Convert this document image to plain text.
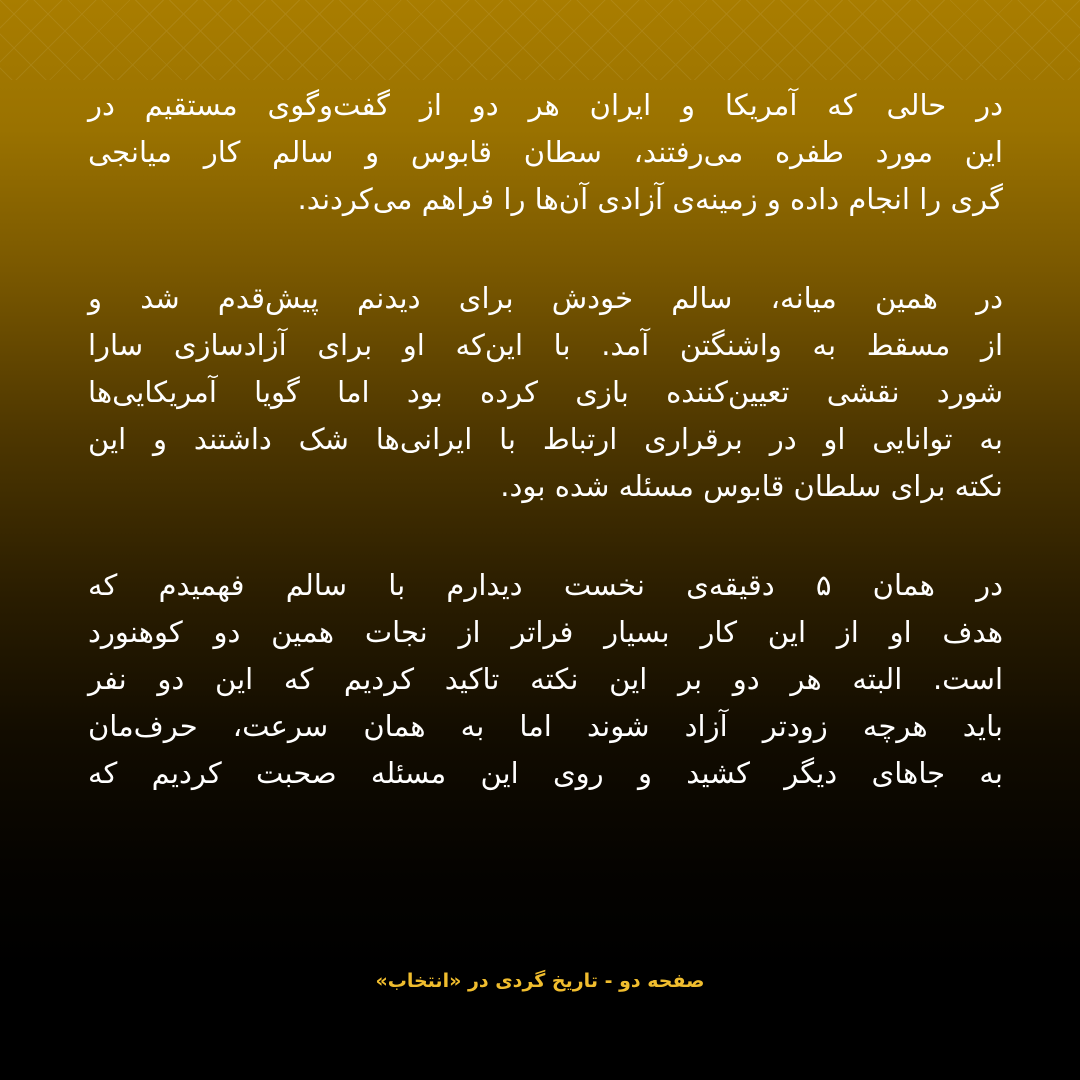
در حالی که آمریکا و ایران هر دو از گفت‌وگوی مستقیم در
این مورد طفره می‌رفتند، سطان قابوس و سالم کار میانجی
گری را انجام داده و زمینه‌ی آزادی آن‌ها را فراهم می‌کردند.

در همین میانه، سالم خودش برای دیدنم پیش‌قدم شد و
از مسقط به واشنگتن آمد. با این‌که او برای آزادسازی سارا
شورد نقشی تعیین‌کننده بازی کرده بود اما گویا آمریکایی‌ها
به توانایی او در برقراری ارتباط با ایرانی‌ها شک داشتند و این
نکته برای سلطان قابوس مسئله شده بود.

در همان ۵ دقیقه‌ی نخست دیدارم با سالم فهمیدم که
هدف او از این کار بسیار فراتر از نجات همین دو کوهنورد
است. البته هر دو بر این نکته تاکید کردیم که این دو نفر
باید هرچه زودتر آزاد شوند اما به همان سرعت، حرف‌مان
به جاهای دیگر کشید و روی این مسئله صحبت کردیم که

صفحه دو - تاریخ گردی در «انتخاب»
